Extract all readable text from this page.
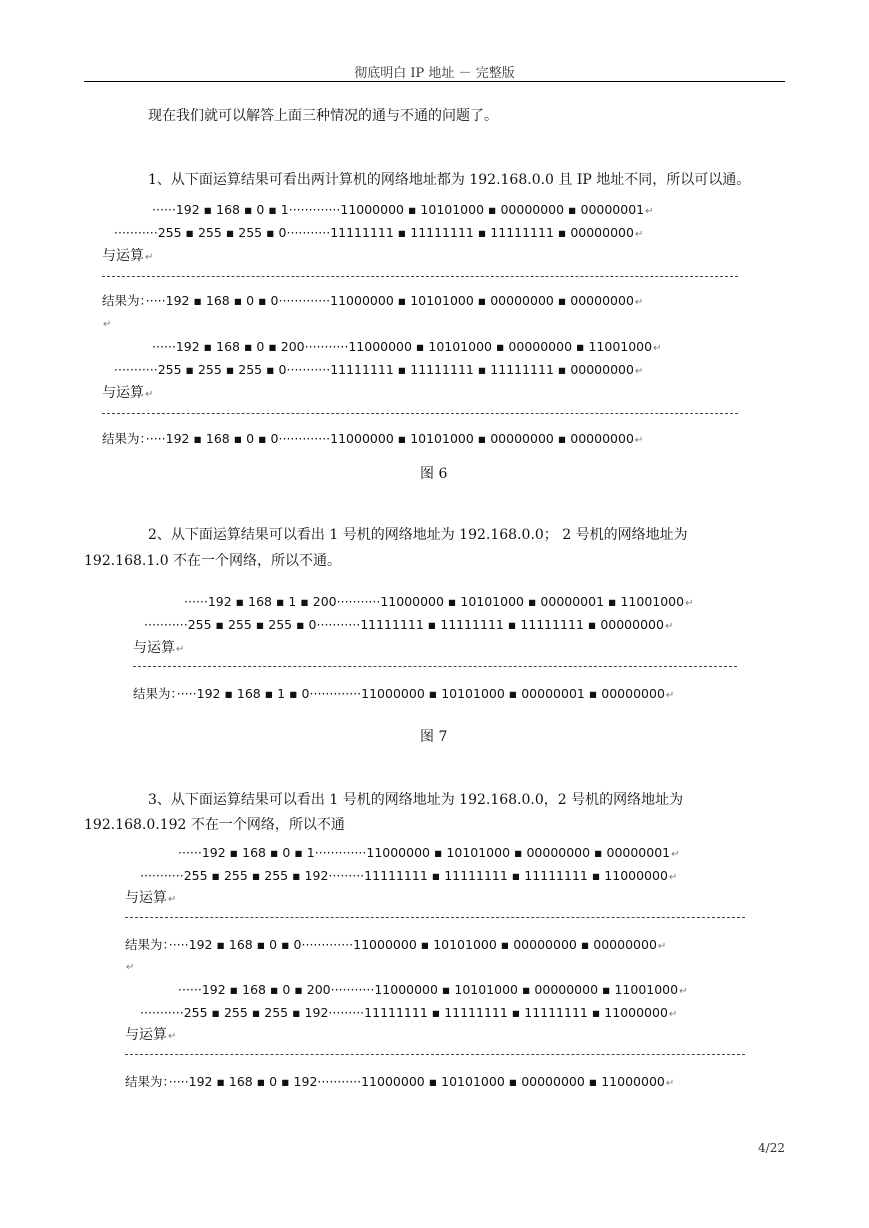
彻底明白 IP 地址 － 完整版
现在我们就可以解答上面三种情况的通与不通的问题了。
1、从下面运算结果可看出两计算机的网络地址都为 192.168.0.0 且 IP 地址不同，所以可以通。
······192 ▪ 168 ▪ 0 ▪ 1·············11000000 ▪ 10101000 ▪ 00000000 ▪ 00000001↵
···········255 ▪ 255 ▪ 255 ▪ 0···········11111111 ▪ 11111111 ▪ 11111111 ▪ 00000000↵
与运算↵
结果为：·····192 ▪ 168 ▪ 0 ▪ 0·············11000000 ▪ 10101000 ▪ 00000000 ▪ 00000000↵
↵
······192 ▪ 168 ▪ 0 ▪ 200···········11000000 ▪ 10101000 ▪ 00000000 ▪ 11001000↵
···········255 ▪ 255 ▪ 255 ▪ 0···········11111111 ▪ 11111111 ▪ 11111111 ▪ 00000000↵
与运算↵
结果为：·····192 ▪ 168 ▪ 0 ▪ 0·············11000000 ▪ 10101000 ▪ 00000000 ▪ 00000000↵
图 6
2、从下面运算结果可以看出 1 号机的网络地址为 192.168.0.0； 2 号机的网络地址为
192.168.1.0 不在一个网络，所以不通。
······192 ▪ 168 ▪ 1 ▪ 200···········11000000 ▪ 10101000 ▪ 00000001 ▪ 11001000↵
···········255 ▪ 255 ▪ 255 ▪ 0···········11111111 ▪ 11111111 ▪ 11111111 ▪ 00000000↵
与运算↵
结果为：·····192 ▪ 168 ▪ 1 ▪ 0·············11000000 ▪ 10101000 ▪ 00000001 ▪ 00000000↵
图 7
3、从下面运算结果可以看出 1 号机的网络地址为 192.168.0.0，2 号机的网络地址为
192.168.0.192 不在一个网络，所以不通
······192 ▪ 168 ▪ 0 ▪ 1·············11000000 ▪ 10101000 ▪ 00000000 ▪ 00000001↵
···········255 ▪ 255 ▪ 255 ▪ 192·········11111111 ▪ 11111111 ▪ 11111111 ▪ 11000000↵
与运算↵
结果为：·····192 ▪ 168 ▪ 0 ▪ 0·············11000000 ▪ 10101000 ▪ 00000000 ▪ 00000000↵
↵
······192 ▪ 168 ▪ 0 ▪ 200···········11000000 ▪ 10101000 ▪ 00000000 ▪ 11001000↵
···········255 ▪ 255 ▪ 255 ▪ 192·········11111111 ▪ 11111111 ▪ 11111111 ▪ 11000000↵
与运算↵
结果为：·····192 ▪ 168 ▪ 0 ▪ 192···········11000000 ▪ 10101000 ▪ 00000000 ▪ 11000000↵
4/22
